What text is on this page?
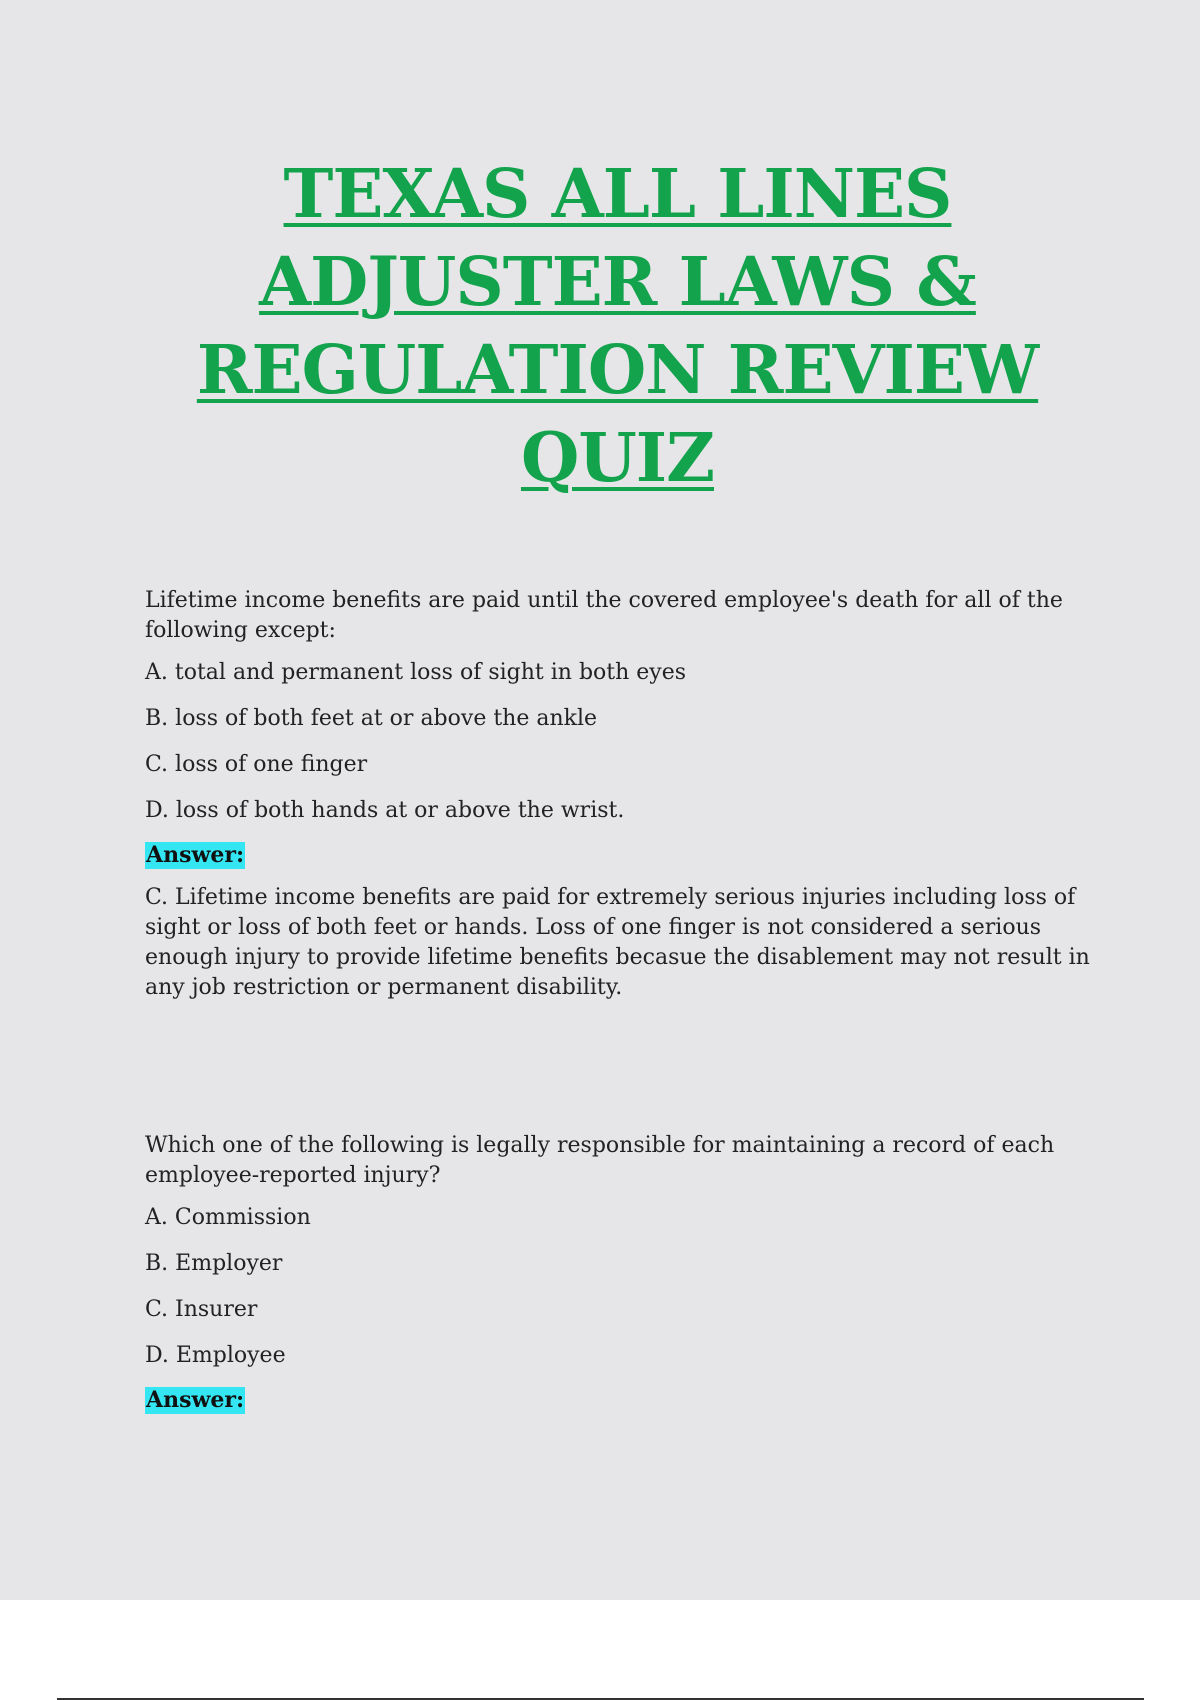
TEXAS ALL LINES
ADJUSTER LAWS &
REGULATION REVIEW
QUIZ

Lifetime income benefits are paid until the covered employee's death for all of the following except:

A. total and permanent loss of sight in both eyes

B. loss of both feet at or above the ankle

C. loss of one finger

D. loss of both hands at or above the wrist.

Answer:

C. Lifetime income benefits are paid for extremely serious injuries including loss of sight or loss of both feet or hands. Loss of one finger is not considered a serious enough injury to provide lifetime benefits becasue the disablement may not result in any job restriction or permanent disability.

Which one of the following is legally responsible for maintaining a record of each employee-reported injury?

A. Commission

B. Employer

C. Insurer

D. Employee

Answer:
